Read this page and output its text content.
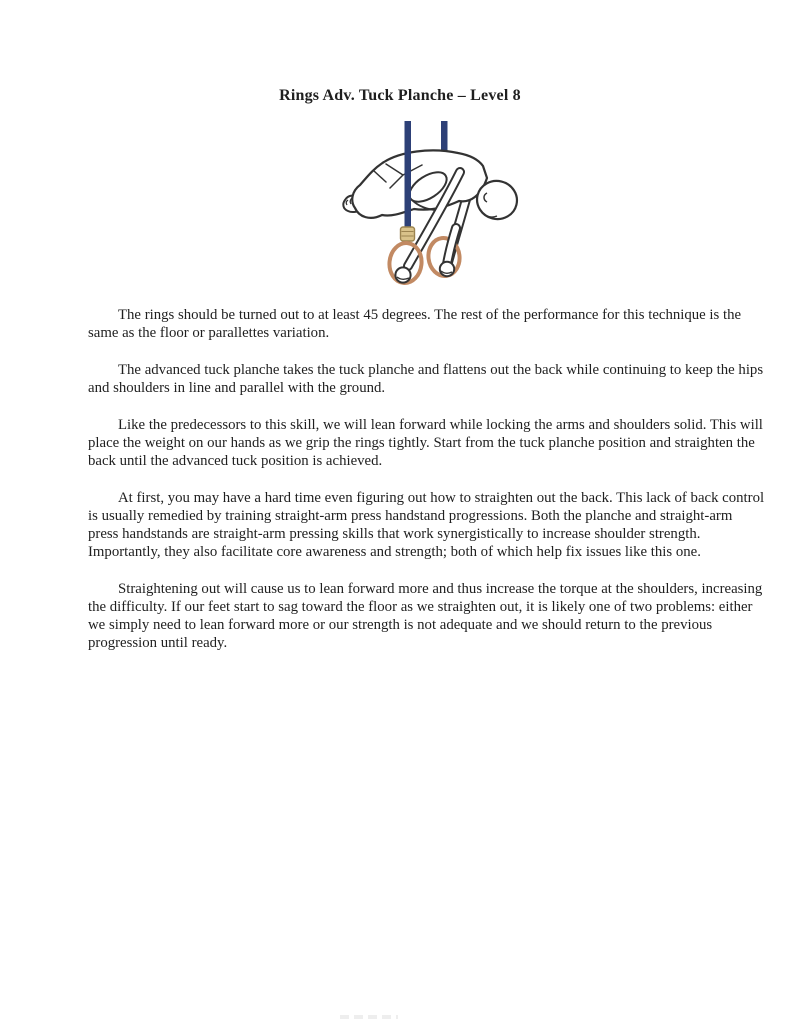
Rings Adv. Tuck Planche – Level 8

The rings should be turned out to at least 45 degrees. The rest of the performance for this technique is the same as the floor or parallettes variation.

The advanced tuck planche takes the tuck planche and flattens out the back while continuing to keep the hips and shoulders in line and parallel with the ground.

Like the predecessors to this skill, we will lean forward while locking the arms and shoulders solid. This will place the weight on our hands as we grip the rings tightly. Start from the tuck planche position and straighten the back until the advanced tuck position is achieved.

At first, you may have a hard time even figuring out how to straighten out the back. This lack of back control is usually remedied by training straight-arm press handstand progressions. Both the planche and straight-arm press handstands are straight-arm pressing skills that work synergistically to increase shoulder strength. Importantly, they also facilitate core awareness and strength; both of which help fix issues like this one.

Straightening out will cause us to lean forward more and thus increase the torque at the shoulders, increasing the difficulty. If our feet start to sag toward the floor as we straighten out, it is likely one of two problems: either we simply need to lean forward more or our strength is not adequate and we should return to the previous progression until ready.
